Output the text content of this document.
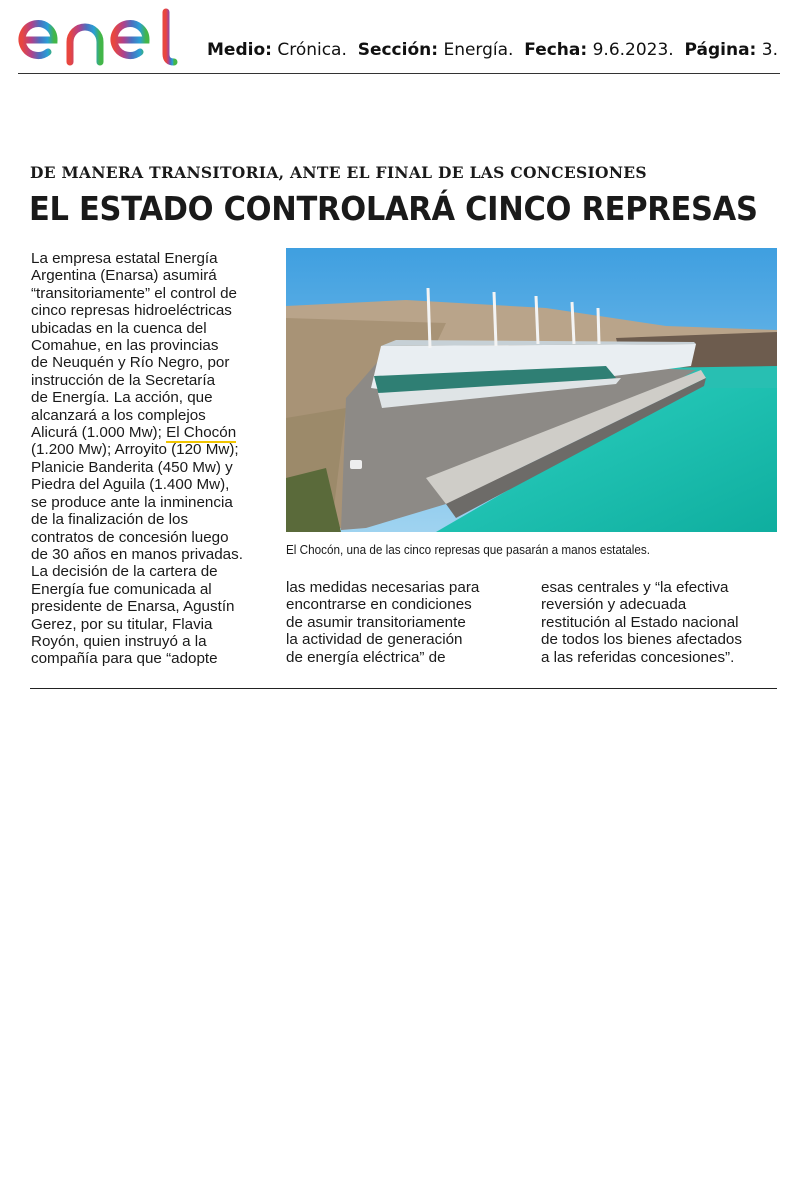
Medio: Crónica. Sección: Energía. Fecha: 9.6.2023. Página: 3.
DE MANERA TRANSITORIA, ANTE EL FINAL DE LAS CONCESIONES
EL ESTADO CONTROLARÁ CINCO REPRESAS

La empresa estatal Energía

Argentina (Enarsa) asumirá

“transitoriamente” el control de

cinco represas hidroeléctricas

ubicadas en la cuenca del

Comahue, en las provincias

de Neuquén y Río Negro, por

instrucción de la Secretaría

de Energía. La acción, que

alcanzará a los complejos

Alicurá (1.000 Mw); El Chocón

(1.200 Mw); Arroyito (120 Mw);

Planicie Banderita (450 Mw) y

Piedra del Aguila (1.400 Mw),

se produce ante la inminencia

de la finalización de los

contratos de concesión luego

de 30 años en manos privadas.

La decisión de la cartera de

Energía fue comunicada al

presidente de Enarsa, Agustín

Gerez, por su titular, Flavia

Royón, quien instruyó a la

compañía para que “adopte

El Chocón, una de las cinco represas que pasarán a manos estatales.

las medidas necesarias para

encontrarse en condiciones

de asumir transitoriamente

la actividad de generación

de energía eléctrica” de

esas centrales y “la efectiva

reversión y adecuada

restitución al Estado nacional

de todos los bienes afectados

a las referidas concesiones”.
